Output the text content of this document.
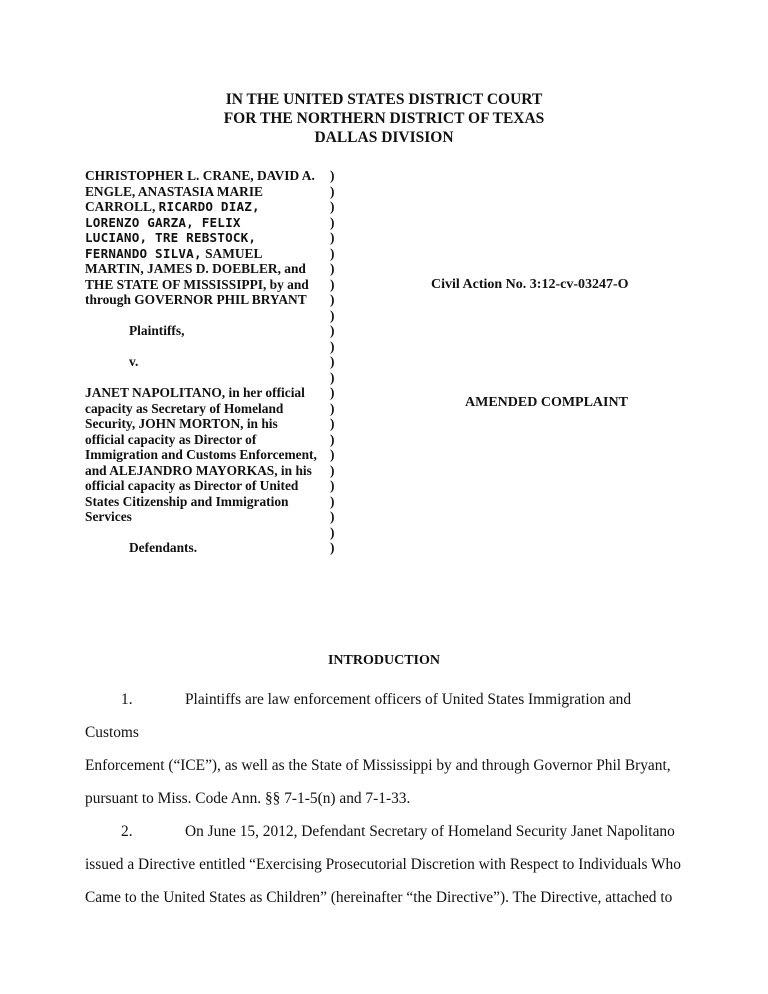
IN THE UNITED STATES DISTRICT COURT
FOR THE NORTHERN DISTRICT OF TEXAS
DALLAS DIVISION
CHRISTOPHER L. CRANE, DAVID A.
ENGLE, ANASTASIA MARIE
CARROLL, RICARDO DIAZ,
LORENZO GARZA, FELIX
LUCIANO, TRE REBSTOCK,
FERNANDO SILVA, SAMUEL
MARTIN, JAMES D. DOEBLER, and
THE STATE OF MISSISSIPPI, by and
through GOVERNOR PHIL BRYANT
Plaintiffs,
v.
JANET NAPOLITANO, in her official
capacity as Secretary of Homeland
Security, JOHN MORTON, in his
official capacity as Director of
Immigration and Customs Enforcement,
and ALEJANDRO MAYORKAS, in his
official capacity as Director of United
States Citizenship and Immigration
Services
Defendants.
)
)
)
)
)
)
)
)
)
)
)
)
)
)
)
)
)
)
)
)
)
)
)
)
)
Civil Action No. 3:12-cv-03247-O
AMENDED COMPLAINT
INTRODUCTION

1.	Plaintiffs are law enforcement officers of United States Immigration and Customs
Enforcement (“ICE”), as well as the State of Mississippi by and through Governor Phil Bryant,
pursuant to Miss. Code Ann. §§ 7-1-5(n) and 7-1-33.

2.	On June 15, 2012, Defendant Secretary of Homeland Security Janet Napolitano
issued a Directive entitled “Exercising Prosecutorial Discretion with Respect to Individuals Who
Came to the United States as Children” (hereinafter “the Directive”). The Directive, attached to
